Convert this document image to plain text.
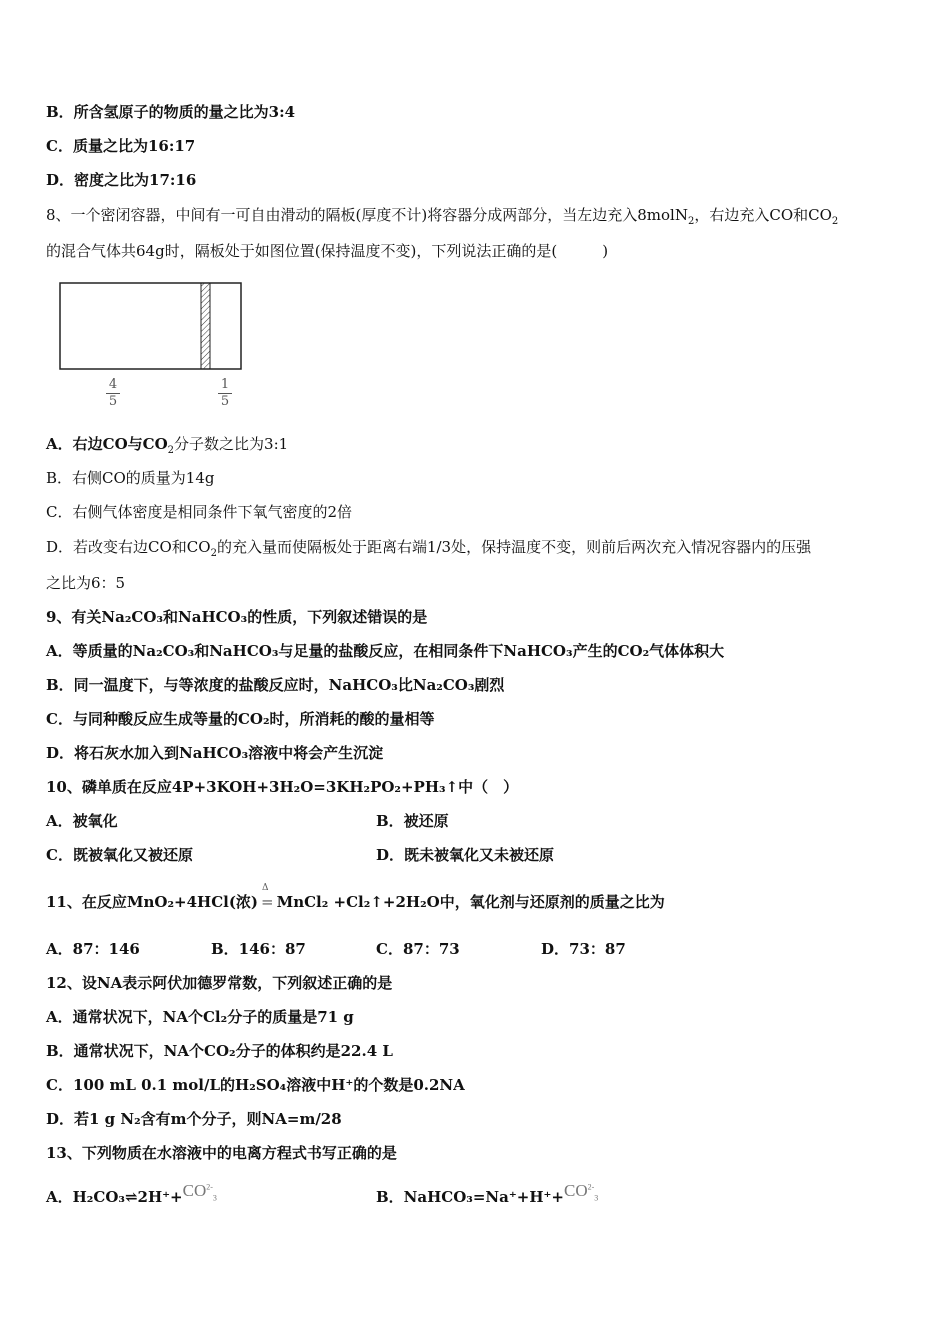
B．所含氢原子的物质的量之比为3:4
C．质量之比为16:17
D．密度之比为17:16
8、一个密闭容器，中间有一可自由滑动的隔板(厚度不计)将容器分成两部分，当左边充入8molN$_2$，右边充入CO和$CO_2$
的混合气体共64g时，隔板处于如图位置(保持温度不变)，下列说法正确的是(　　　)
4
5
1
5
A．右边CO与$CO_2$分子数之比为3:1
B．右侧CO的质量为14g
C．右侧气体密度是相同条件下氧气密度的2倍
D．若改变右边CO和$CO_2$的充入量而使隔板处于距离右端1/3处，保持温度不变，则前后两次充入情况容器内的压强
之比为6：5
9、有关Na₂CO₃和NaHCO₃的性质，下列叙述错误的是
A．等质量的Na₂CO₃和NaHCO₃与足量的盐酸反应，在相同条件下NaHCO₃产生的CO₂气体体积大
B．同一温度下，与等浓度的盐酸反应时，NaHCO₃比Na₂CO₃剧烈
C．与同种酸反应生成等量的CO₂时，所消耗的酸的量相等
D．将石灰水加入到NaHCO₃溶液中将会产生沉淀
10、磷单质在反应4P+3KOH+3H₂O=3KH₂PO₂+PH₃↑中（　）
A．被氧化	B．被还原
C．既被氧化又被还原	D．既未被氧化又未被还原
11、在反应MnO₂+4HCl(浓)
Δ
= MnCl₂ +Cl₂↑+2H₂O中，氧化剂与还原剂的质量之比为
A．87：146	B．146：87	C．87：73	D．73：87
12、设NA表示阿伏加德罗常数，下列叙述正确的是
A．通常状况下，NA个Cl₂分子的质量是71 g
B．通常状况下，NA个CO₂分子的体积约是22.4 L
C．100 mL 0.1 mol/L的H₂SO₄溶液中H⁺的个数是0.2NA
D．若1 g N₂含有m个分子，则NA=m/28
13、下列物质在水溶液中的电离方程式书写正确的是
A．$H_2CO_3\rightleftharpoons 2H^++CO^{2-}_3$	B．$NaHCO_3=Na^++H^++CO^{2-}_3$
